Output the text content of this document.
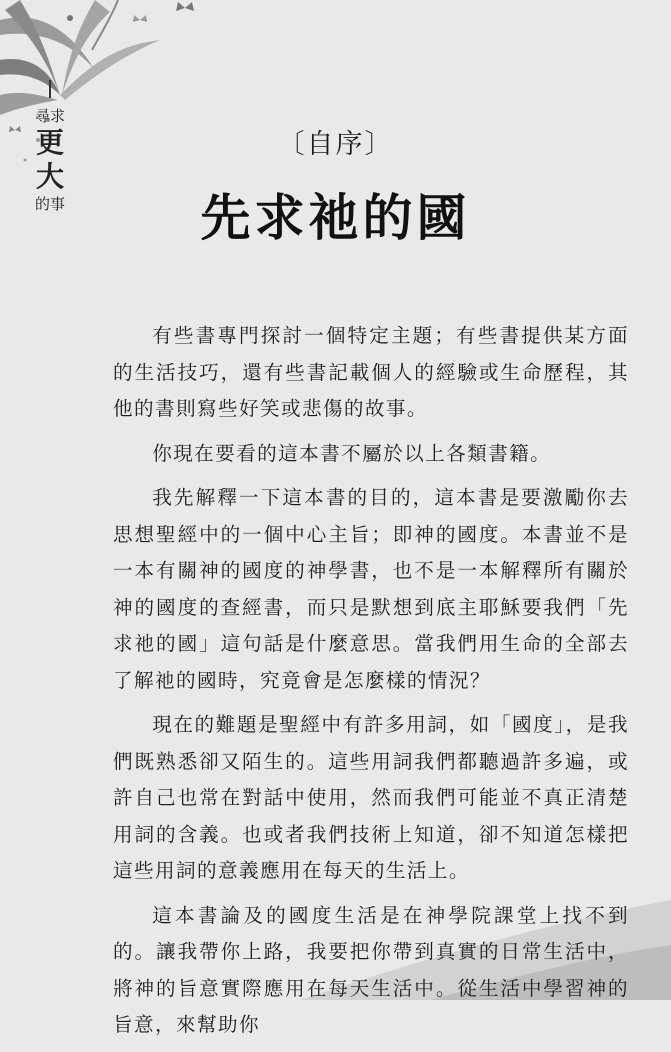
尋求
更
大
的事
〔自序〕
先求祂的國

有些書專門探討一個特定主題；有些書提供某方面的生活技巧，還有些書記載個人的經驗或生命歷程，其他的書則寫些好笑或悲傷的故事。

你現在要看的這本書不屬於以上各類書籍。

我先解釋一下這本書的目的，這本書是要激勵你去思想聖經中的一個中心主旨；即神的國度。本書並不是一本有關神的國度的神學書，也不是一本解釋所有關於神的國度的查經書，而只是默想到底主耶穌要我們「先求祂的國」這句話是什麼意思。當我們用生命的全部去了解祂的國時，究竟會是怎麼樣的情況？

現在的難題是聖經中有許多用詞，如「國度」，是我們既熟悉卻又陌生的。這些用詞我們都聽過許多遍，或許自己也常在對話中使用，然而我們可能並不真正清楚用詞的含義。也或者我們技術上知道，卻不知道怎樣把這些用詞的意義應用在每天的生活上。

這本書論及的國度生活是在神學院課堂上找不到的。讓我帶你上路，我要把你帶到真實的日常生活中，將神的旨意實際應用在每天生活中。從生活中學習神的旨意，來幫助你
